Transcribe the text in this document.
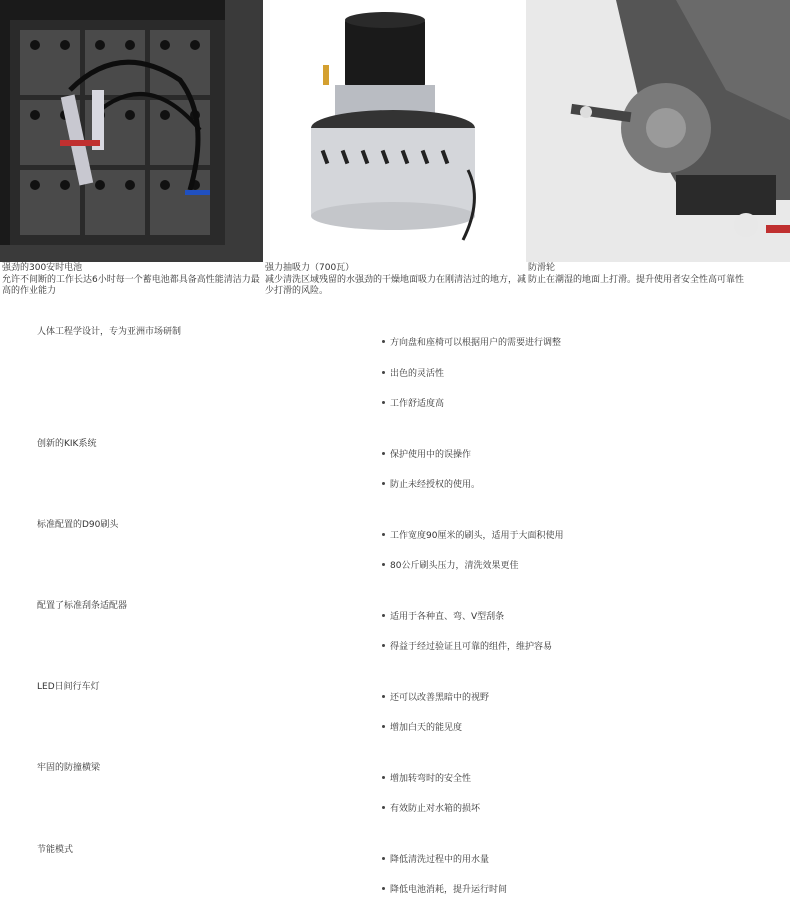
强劲的300安时电池
允许不间断的工作长达6小时每一个蓄电池都具备高性能清洁力最高的作业能力
强力抽吸力（700瓦）
减少清洗区域残留的水强劲的干燥地面吸力在刚清洁过的地方，减少打滑的风险。
防滑轮
防止在潮湿的地面上打滑。提升使用者安全性高可靠性
人体工程学设计，专为亚洲市场研制
方向盘和座椅可以根据用户的需要进行调整
出色的灵活性
工作舒适度高
创新的KIK系统
保护使用中的误操作
防止未经授权的使用。
标准配置的D90刷头
工作宽度90厘米的刷头，适用于大面积使用
80公斤刷头压力，清洗效果更佳
配置了标准刮条适配器
适用于各种直、弯、V型刮条
得益于经过验证且可靠的组件，维护容易
LED日间行车灯
还可以改善黑暗中的视野
增加白天的能见度
牢固的防撞横梁
增加转弯时的安全性
有效防止对水箱的损坏
节能模式
降低清洗过程中的用水量
降低电池消耗，提升运行时间
